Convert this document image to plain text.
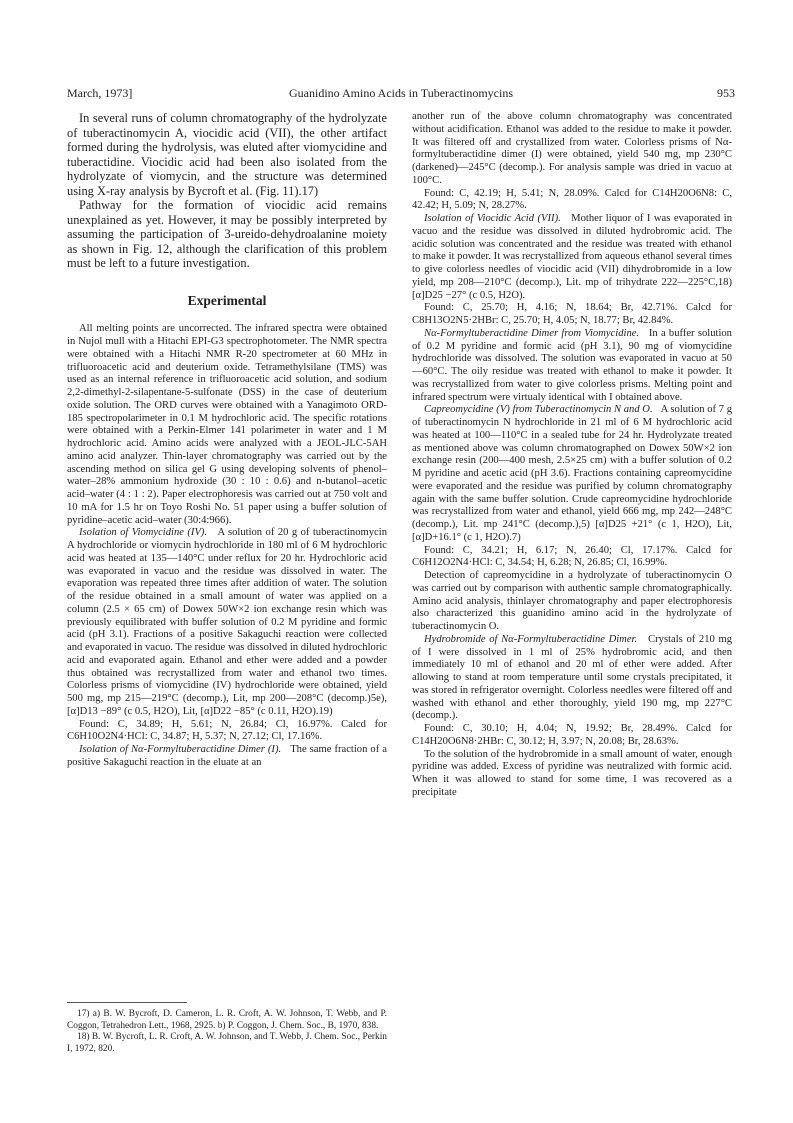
March, 1973]	Guanidino Amino Acids in Tuberactinomycins	953

In several runs of column chromatography of the hydrolyzate of tuberactinomycin A, viocidic acid (VII), the other artifact formed during the hydrolysis, was eluted after viomycidine and tuberactidine. Viocidic acid had been also isolated from the hydrolyzate of viomycin, and the structure was determined using X-ray analysis by Bycroft et al. (Fig. 11).17)

Pathway for the formation of viocidic acid remains unexplained as yet. However, it may be possibly interpreted by assuming the participation of 3-ureido-dehydroalanine moiety as shown in Fig. 12, although the clarification of this problem must be left to a future investigation.

Experimental

All melting points are uncorrected. The infrared spectra were obtained in Nujol mull with a Hitachi EPI-G3 spectrophotometer. The NMR spectra were obtained with a Hitachi NMR R-20 spectrometer at 60 MHz in trifluoroacetic acid and deuterium oxide. Tetramethylsilane (TMS) was used as an internal reference in trifluoroacetic acid solution, and sodium 2,2-dimethyl-2-silapentane-5-sulfonate (DSS) in the case of deuterium oxide solution. The ORD curves were obtained with a Yanagimoto ORD-185 spectropolarimeter in 0.1 M hydrochloric acid. The specific rotations were obtained with a Perkin-Elmer 141 polarimeter in water and 1 M hydrochloric acid. Amino acids were analyzed with a JEOL-JLC-5AH amino acid analyzer. Thin-layer chromatography was carried out by the ascending method on silica gel G using developing solvents of phenol–water–28% ammonium hydroxide (30 : 10 : 0.6) and n-butanol–acetic acid–water (4 : 1 : 2). Paper electrophoresis was carried out at 750 volt and 10 mA for 1.5 hr on Toyo Roshi No. 51 paper using a buffer solution of pyridine–acetic acid–water (30:4:966).

Isolation of Viomycidine (IV). A solution of 20 g of tuberactinomycin A hydrochloride or viomycin hydrochloride in 180 ml of 6 M hydrochloric acid was heated at 135—140°C under reflux for 20 hr. Hydrochloric acid was evaporated in vacuo and the residue was dissolved in water. The evaporation was repeated three times after addition of water. The solution of the residue obtained in a small amount of water was applied on a column (2.5 × 65 cm) of Dowex 50W×2 ion exchange resin which was previously equilibrated with buffer solution of 0.2 M pyridine and formic acid (pH 3.1). Fractions of a positive Sakaguchi reaction were collected and evaporated in vacuo. The residue was dissolved in diluted hydrochloric acid and evaporated again. Ethanol and ether were added and a powder thus obtained was recrystallized from water and ethanol two times. Colorless prisms of viomycidine (IV) hydrochloride were obtained, yield 500 mg, mp 215—219°C (decomp.), Lit, mp 200—208°C (decomp.)5e), [α]D13 −89° (c 0.5, H2O), Lit, [α]D22 −85° (c 0.11, H2O).19)

Found: C, 34.89; H, 5.61; N, 26.84; Cl, 16.97%. Calcd for C6H10O2N4·HCl: C, 34.87; H, 5.37; N, 27.12; Cl, 17.16%.

Isolation of Nα-Formyltuberactidine Dimer (I). The same fraction of a positive Sakaguchi reaction in the eluate at an

17) a) B. W. Bycroft, D. Cameron, L. R. Croft, A. W. Johnson, T. Webb, and P. Coggon, Tetrahedron Lett., 1968, 2925. b) P. Coggon, J. Chem. Soc., B, 1970, 838.

18) B. W. Bycroft, L. R. Croft, A. W. Johnson, and T. Webb, J. Chem. Soc., Perkin I, 1972, 820.

another run of the above column chromatography was concentrated without acidification. Ethanol was added to the residue to make it powder. It was filtered off and crystallized from water. Colorless prisms of Nα-formyltuberactidine dimer (I) were obtained, yield 540 mg, mp 230°C (darkened)—245°C (decomp.). For analysis sample was dried in vacuo at 100°C.

Found: C, 42.19; H, 5.41; N, 28.09%. Calcd for C14H20O6N8: C, 42.42; H, 5.09; N, 28.27%.

Isolation of Viocidic Acid (VII). Mother liquor of I was evaporated in vacuo and the residue was dissolved in diluted hydrobromic acid. The acidic solution was concentrated and the residue was treated with ethanol to make it powder. It was recrystallized from aqueous ethanol several times to give colorless needles of viocidic acid (VII) dihydrobromide in a low yield, mp 208—210°C (decomp.), Lit. mp of trihydrate 222—225°C,18) [α]D25 −27° (c 0.5, H2O).

Found: C, 25.70; H, 4.16; N, 18.64; Br, 42.71%. Calcd for C8H13O2N5·2HBr: C, 25.70; H, 4.05; N, 18.77; Br, 42.84%.

Nα-Formyltuberactidine Dimer from Viomycidine. In a buffer solution of 0.2 M pyridine and formic acid (pH 3.1), 90 mg of viomycidine hydrochloride was dissolved. The solution was evaporated in vacuo at 50—60°C. The oily residue was treated with ethanol to make it powder. It was recrystallized from water to give colorless prisms. Melting point and infrared spectrum were virtualy identical with I obtained above.

Capreomycidine (V) from Tuberactinomycin N and O. A solution of 7 g of tuberactinomycin N hydrochloride in 21 ml of 6 M hydrochloric acid was heated at 100—110°C in a sealed tube for 24 hr. Hydrolyzate treated as mentioned above was column chromatographed on Dowex 50W×2 ion exchange resin (200—400 mesh, 2.5×25 cm) with a buffer solution of 0.2 M pyridine and acetic acid (pH 3.6). Fractions containing capreomycidine were evaporated and the residue was purified by column chromatography again with the same buffer solution. Crude capreomycidine hydrochloride was recrystallized from water and ethanol, yield 666 mg, mp 242—248°C (decomp.), Lit. mp 241°C (decomp.),5) [α]D25 +21° (c 1, H2O), Lit, [α]D+16.1° (c 1, H2O).7)

Found: C, 34.21; H, 6.17; N, 26.40; Cl, 17.17%. Calcd for C6H12O2N4·HCl: C, 34.54; H, 6.28; N, 26.85; Cl, 16.99%.

Detection of capreomycidine in a hydrolyzate of tuberactinomycin O was carried out by comparison with authentic sample chromatographically. Amino acid analysis, thinlayer chromatography and paper electrophoresis also characterized this guanidino amino acid in the hydrolyzate of tuberactinomycin O.

Hydrobromide of Nα-Formyltuberactidine Dimer. Crystals of 210 mg of I were dissolved in 1 ml of 25% hydrobromic acid, and then immediately 10 ml of ethanol and 20 ml of ether were added. After allowing to stand at room temperature until some crystals precipitated, it was stored in refrigerator overnight. Colorless needles were filtered off and washed with ethanol and ether thoroughly, yield 190 mg, mp 227°C (decomp.).

Found: C, 30.10; H, 4.04; N, 19.92; Br, 28.49%. Calcd for C14H20O6N8·2HBr: C, 30.12; H, 3.97; N, 20.08; Br, 28.63%.

To the solution of the hydrobromide in a small amount of water, enough pyridine was added. Excess of pyridine was neutralized with formic acid. When it was allowed to stand for some time, I was recovered as a precipitate
